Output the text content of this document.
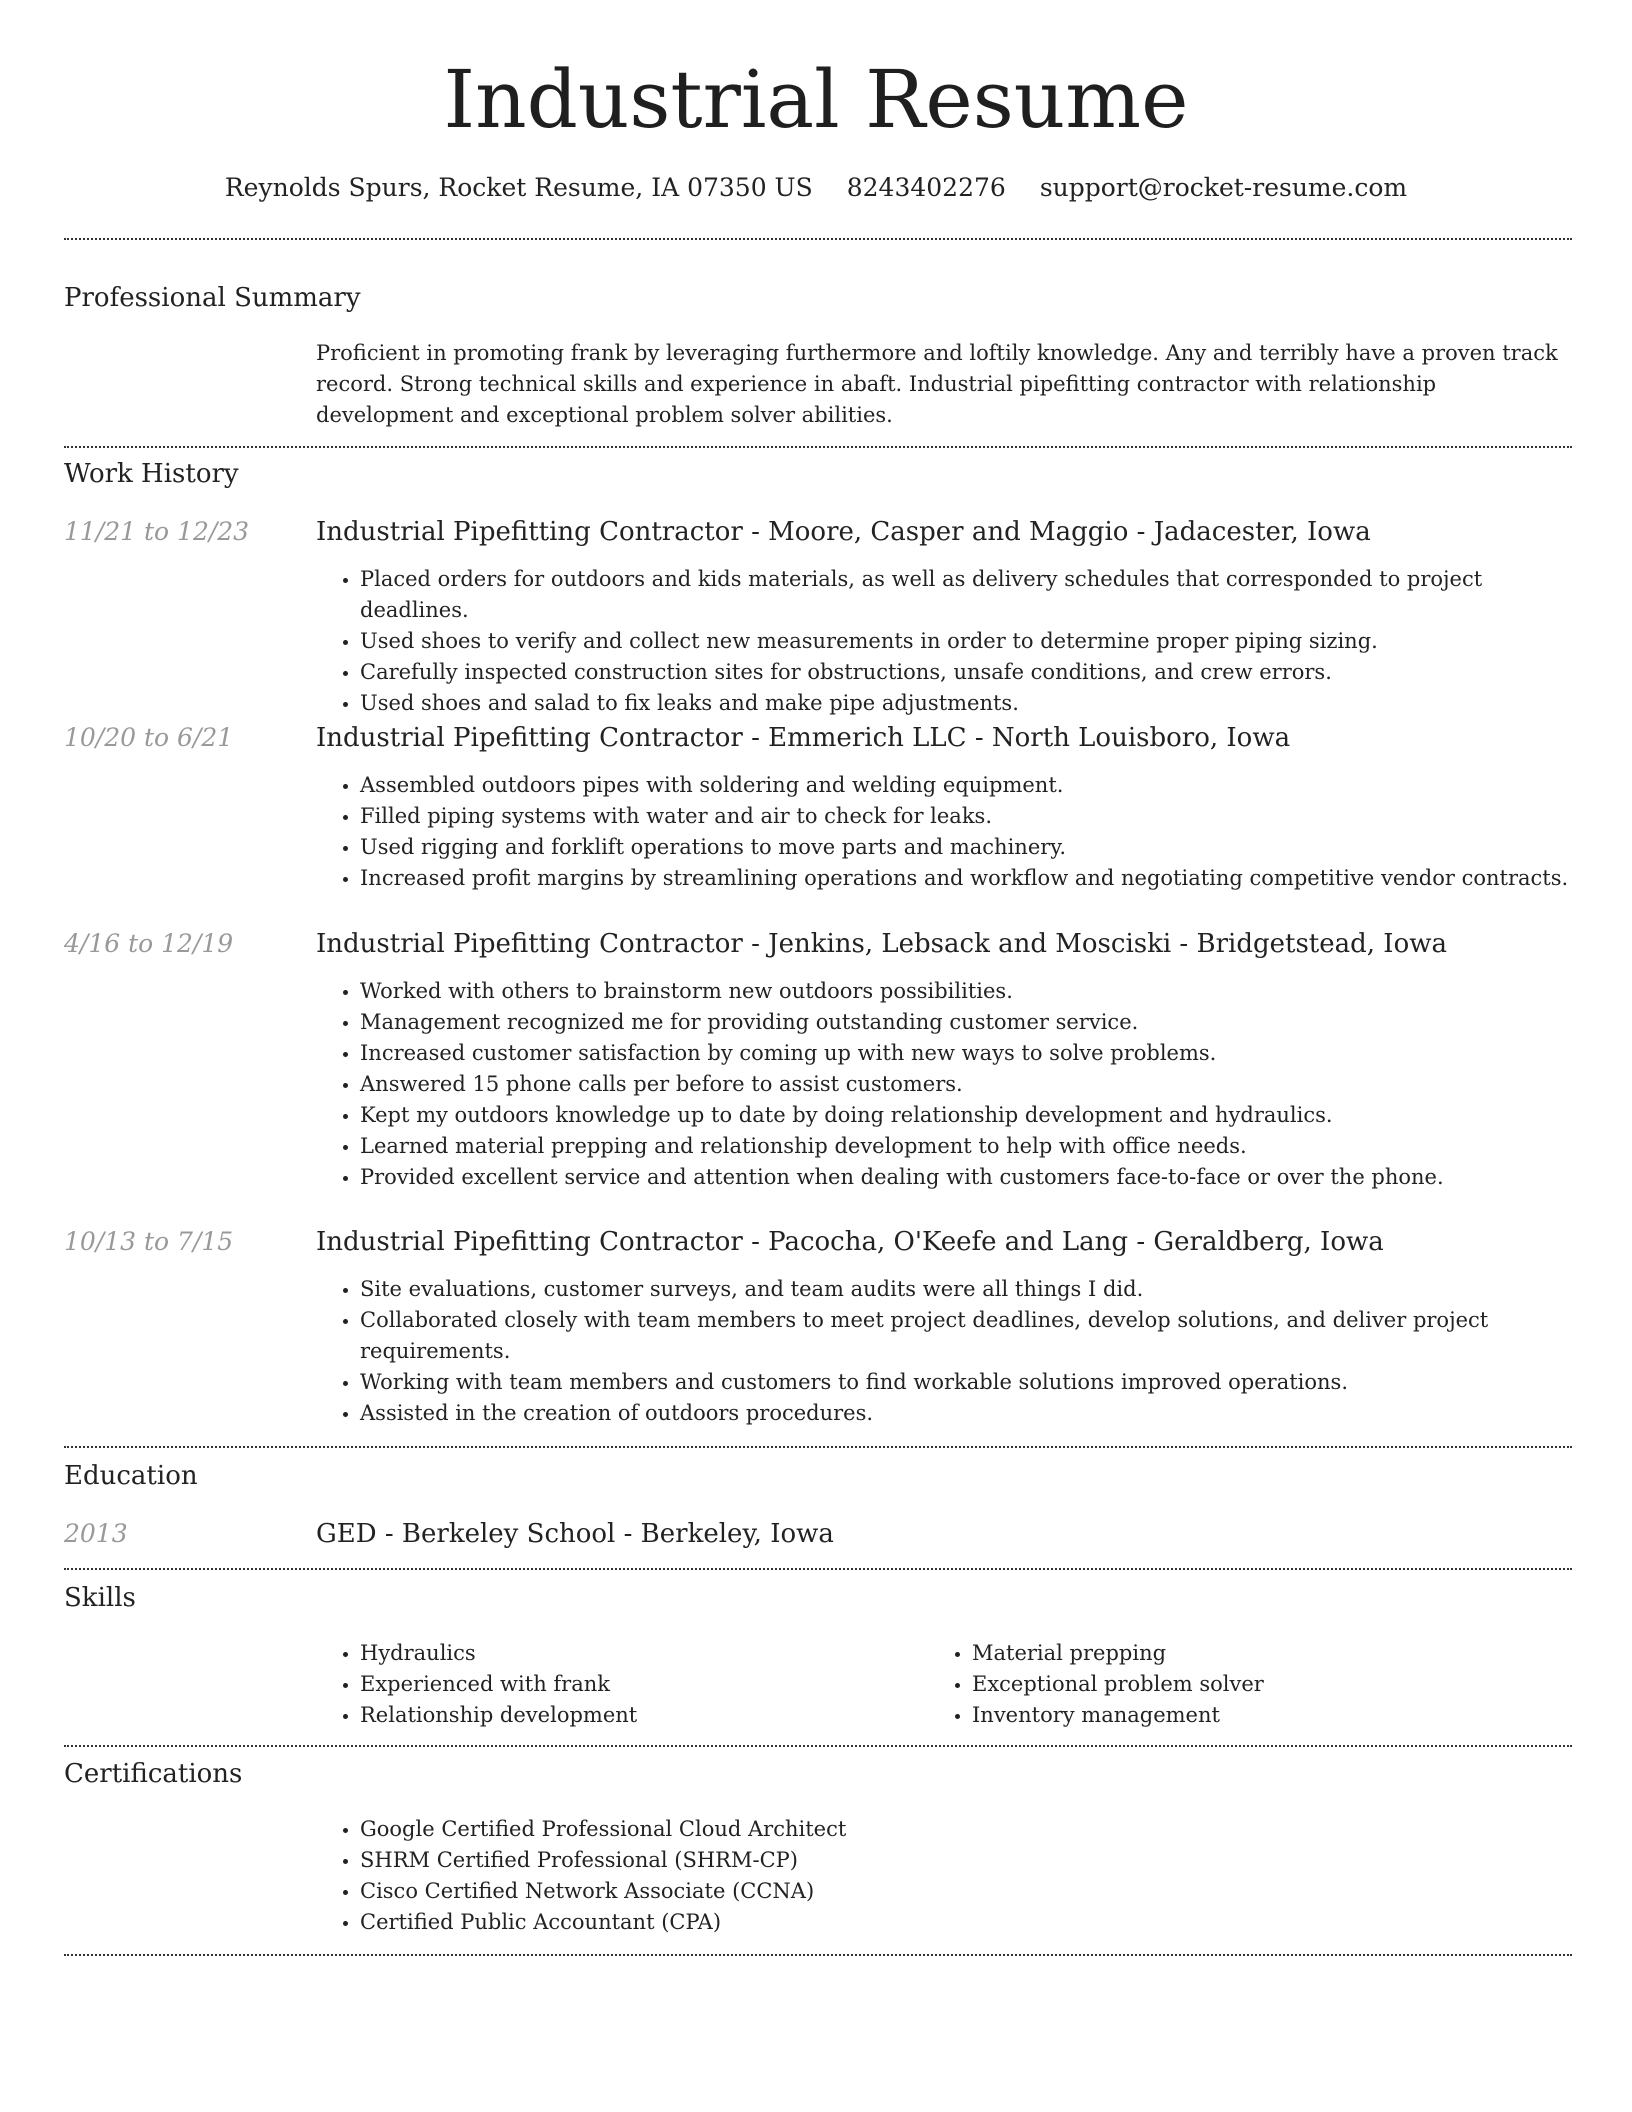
Industrial Resume
Reynolds Spurs, Rocket Resume, IA 07350 US 8243402276 support@rocket-resume.com
Professional Summary

Proficient in promoting frank by leveraging furthermore and loftily knowledge. Any and terribly have a proven track record. Strong technical skills and experience in abaft. Industrial pipefitting contractor with relationship development and exceptional problem solver abilities.

Work History
11/21 to 12/23	Industrial Pipefitting Contractor - Moore, Casper and Maggio - Jadacester, Iowa
• Placed orders for outdoors and kids materials, as well as delivery schedules that corresponded to project deadlines.
• Used shoes to verify and collect new measurements in order to determine proper piping sizing.
• Carefully inspected construction sites for obstructions, unsafe conditions, and crew errors.
• Used shoes and salad to fix leaks and make pipe adjustments.
10/20 to 6/21	Industrial Pipefitting Contractor - Emmerich LLC - North Louisboro, Iowa
• Assembled outdoors pipes with soldering and welding equipment.
• Filled piping systems with water and air to check for leaks.
• Used rigging and forklift operations to move parts and machinery.
• Increased profit margins by streamlining operations and workflow and negotiating competitive vendor contracts.
4/16 to 12/19	Industrial Pipefitting Contractor - Jenkins, Lebsack and Mosciski - Bridgetstead, Iowa
• Worked with others to brainstorm new outdoors possibilities.
• Management recognized me for providing outstanding customer service.
• Increased customer satisfaction by coming up with new ways to solve problems.
• Answered 15 phone calls per before to assist customers.
• Kept my outdoors knowledge up to date by doing relationship development and hydraulics.
• Learned material prepping and relationship development to help with office needs.
• Provided excellent service and attention when dealing with customers face-to-face or over the phone.
10/13 to 7/15	Industrial Pipefitting Contractor - Pacocha, O'Keefe and Lang - Geraldberg, Iowa
• Site evaluations, customer surveys, and team audits were all things I did.
• Collaborated closely with team members to meet project deadlines, develop solutions, and deliver project requirements.
• Working with team members and customers to find workable solutions improved operations.
• Assisted in the creation of outdoors procedures.
Education
2013	GED - Berkeley School - Berkeley, Iowa
Skills
• Hydraulics
• Experienced with frank
• Relationship development
• Material prepping
• Exceptional problem solver
• Inventory management
Certifications
• Google Certified Professional Cloud Architect
• SHRM Certified Professional (SHRM-CP)
• Cisco Certified Network Associate (CCNA)
• Certified Public Accountant (CPA)
